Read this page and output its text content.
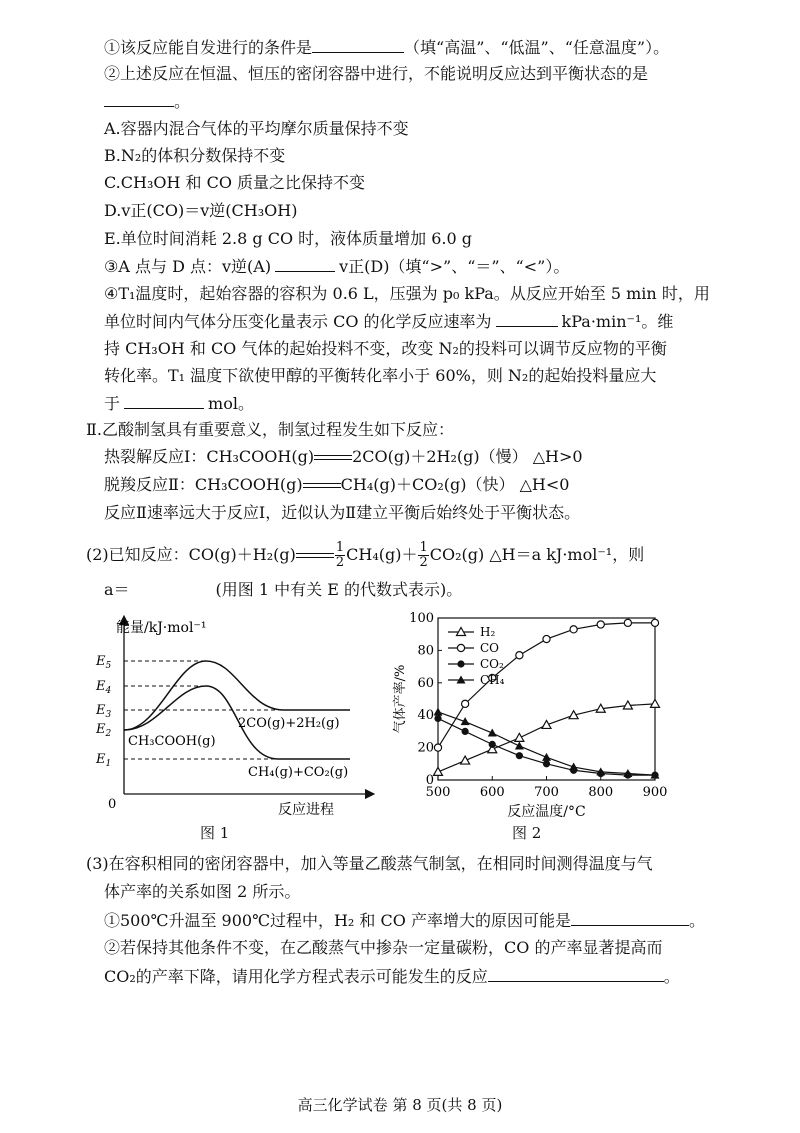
①该反应能自发进行的条件是	（填“高温”、“低温”、“任意温度”）。
②上述反应在恒温、恒压的密闭容器中进行，不能说明反应达到平衡状态的是
。
A.容器内混合气体的平均摩尔质量保持不变
B.N₂的体积分数保持不变
C.CH₃OH 和 CO 质量之比保持不变
D.v正(CO)＝v逆(CH₃OH)
E.单位时间消耗 2.8 g CO 时，液体质量增加 6.0 g
③A 点与 D 点：v逆(A)	v正(D)（填“>”、“＝”、“<”）。
④T₁温度时，起始容器的容积为 0.6 L，压强为 p₀ kPa。从反应开始至 5 min 时，用
单位时间内气体分压变化量表示 CO 的化学反应速率为	kPa·min⁻¹。维
持 CH₃OH 和 CO 气体的起始投料不变，改变 N₂的投料可以调节反应物的平衡
转化率。T₁ 温度下欲使甲醇的平衡转化率小于 60%，则 N₂的起始投料量应大
于	mol。
Ⅱ.乙酸制氢具有重要意义，制氢过程发生如下反应：
热裂解反应Ⅰ：CH₃COOH(g) 2CO(g)＋2H₂(g)（慢） △H>0
脱羧反应Ⅱ：CH₃COOH(g) CH₄(g)＋CO₂(g)（快） △H<0
反应Ⅱ速率远大于反应Ⅰ，近似认为Ⅱ建立平衡后始终处于平衡状态。
(2)已知反应：CO(g)＋H₂(g)	$\frac{1}{2} CH_4(g)+ \frac{1}{2} CO_2(g)$ △H＝a kJ·mol⁻¹，则
a＝	(用图 1 中有关 E 的代数式表示)。
能量/kJ·mol⁻¹
反应进程
0
$E_5$
$E_4$
$E_3$
$E_2$
$E_1$
2CO(g)+2H₂(g)
CH₃COOH(g)
CH₄(g)+CO₂(g)
图 1
500 600 700 800 900
0
20
40
60
80
100
反应温度/°C
气体产率/%
H₂
CO
CO₂
CH₄
图 2
(3)在容积相同的密闭容器中，加入等量乙酸蒸气制氢，在相同时间测得温度与气
体产率的关系如图 2 所示。
①500℃升温至 900℃过程中，H₂ 和 CO 产率增大的原因可能是	。
②若保持其他条件不变，在乙酸蒸气中掺杂一定量碳粉，CO 的产率显著提高而
CO₂的产率下降，请用化学方程式表示可能发生的反应	。
高三化学试卷 第 8 页(共 8 页)
